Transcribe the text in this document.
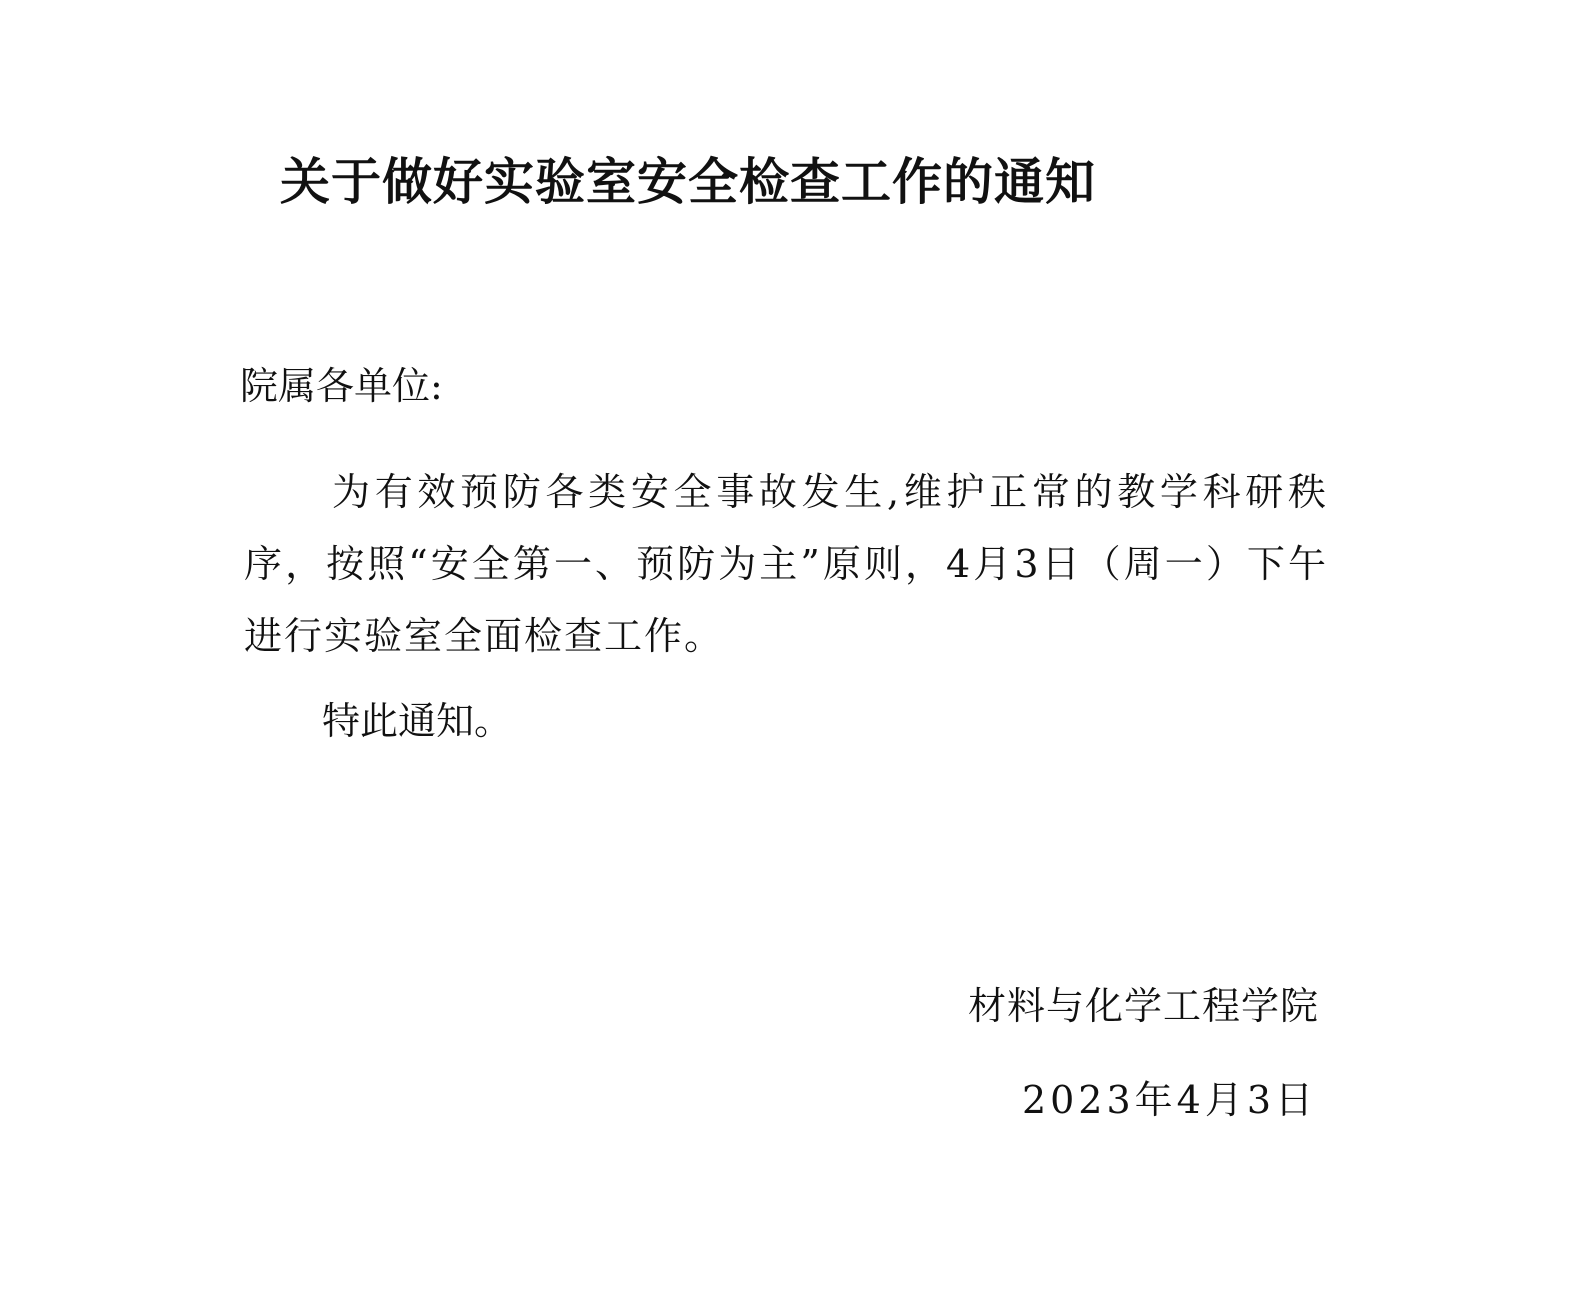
关于做好实验室安全检查工作的通知
院属各单位:
为有效预防各类安全事故发生,维护正常的教学科研秩序，按照“安全第一、预防为主”原则，4月3日（周一）下午进行实验室全面检查工作。
特此通知。
材料与化学工程学院
2023年4月3日
